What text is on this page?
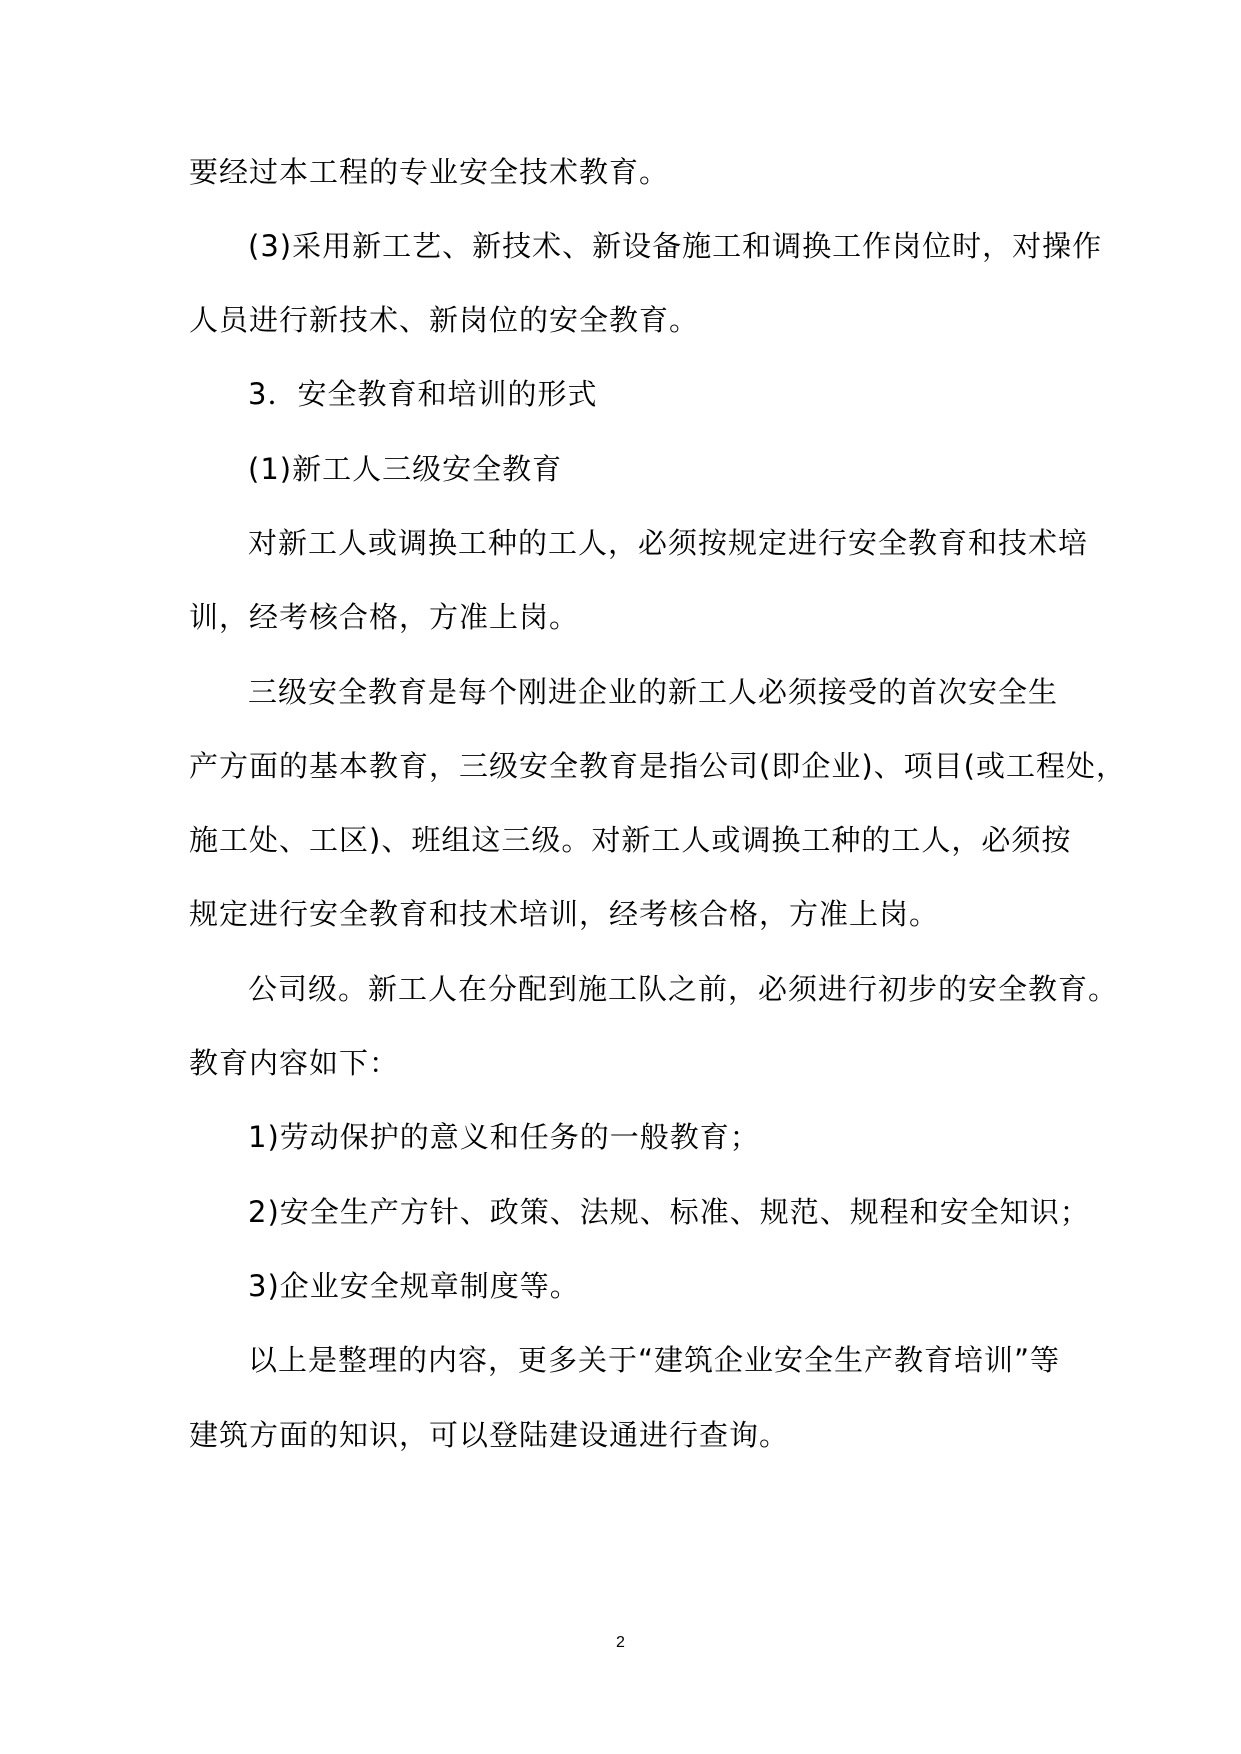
要经过本工程的专业安全技术教育。
(3)采用新工艺、新技术、新设备施工和调换工作岗位时，对操作
人员进行新技术、新岗位的安全教育。
3．安全教育和培训的形式
(1)新工人三级安全教育
对新工人或调换工种的工人，必须按规定进行安全教育和技术培
训，经考核合格，方准上岗。
三级安全教育是每个刚进企业的新工人必须接受的首次安全生
产方面的基本教育，三级安全教育是指公司(即企业)、项目(或工程处，
施工处、工区)、班组这三级。对新工人或调换工种的工人，必须按
规定进行安全教育和技术培训，经考核合格，方准上岗。
公司级。新工人在分配到施工队之前，必须进行初步的安全教育。
教育内容如下：
1)劳动保护的意义和任务的一般教育；
2)安全生产方针、政策、法规、标准、规范、规程和安全知识；
3)企业安全规章制度等。
以上是整理的内容，更多关于“建筑企业安全生产教育培训”等
建筑方面的知识，可以登陆建设通进行查询。
2
